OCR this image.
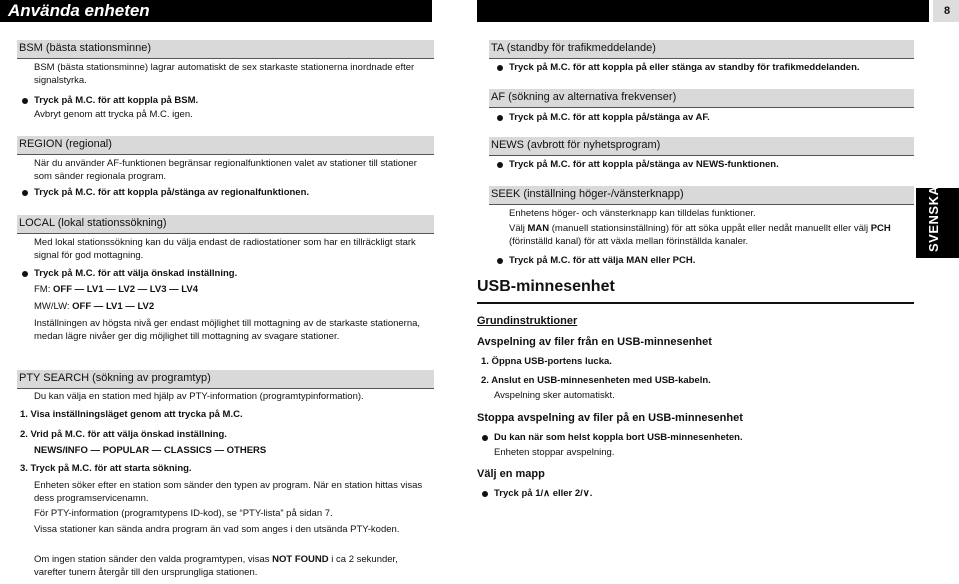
Använda enheten	8
SVENSKA
BSM (bästa stationsminne)
BSM (bästa stationsminne) lagrar automatiskt de sex starkaste stationerna inordnade efter signalstyrka.
Tryck på M.C. för att koppla på BSM.
Avbryt genom att trycka på M.C. igen.
REGION (regional)
När du använder AF-funktionen begränsar regionalfunktionen valet av stationer till stationer som sänder regionala program.
Tryck på M.C. för att koppla på/stänga av regionalfunktionen.
LOCAL (lokal stationssökning)
Med lokal stationssökning kan du välja endast de radiostationer som har en tillräckligt stark signal för god mottagning.
Tryck på M.C. för att välja önskad inställning.
FM: OFF — LV1 — LV2 — LV3 — LV4
MW/LW: OFF — LV1 — LV2
Inställningen av högsta nivå ger endast möjlighet till mottagning av de starkaste stationerna, medan lägre nivåer ger dig möjlighet till mottagning av svagare stationer.
PTY SEARCH (sökning av programtyp)
Du kan välja en station med hjälp av PTY-information (programtypinformation).
1. Visa inställningsläget genom att trycka på M.C.
2. Vrid på M.C. för att välja önskad inställning.
NEWS/INFO — POPULAR — CLASSICS — OTHERS
3. Tryck på M.C. för att starta sökning.
Enheten söker efter en station som sänder den typen av program. När en station hittas visas dess programservicenamn.
För PTY-information (programtypens ID-kod), se “PTY-lista” på sidan 7.
Vissa stationer kan sända andra program än vad som anges i den utsända PTY-koden.
Om ingen station sänder den valda programtypen, visas NOT FOUND i ca 2 sekunder, varefter tunern återgår till den ursprungliga stationen.
TA (standby för trafikmeddelande)
Tryck på M.C. för att koppla på eller stänga av standby för trafikmeddelanden.
AF (sökning av alternativa frekvenser)
Tryck på M.C. för att koppla på/stänga av AF.
NEWS (avbrott för nyhetsprogram)
Tryck på M.C. för att koppla på/stänga av NEWS-funktionen.
SEEK (inställning höger-/vänsterknapp)
Enhetens höger- och vänsterknapp kan tilldelas funktioner.
Välj MAN (manuell stationsinställning) för att söka uppåt eller nedåt manuellt eller välj PCH (förinställd kanal) för att växla mellan förinställda kanaler.
Tryck på M.C. för att välja MAN eller PCH.
USB-minnesenhet
Grundinstruktioner
Avspelning av filer från en USB-minnesenhet
1. Öppna USB-portens lucka.
2. Anslut en USB-minnesenheten med USB-kabeln.
Avspelning sker automatiskt.
Stoppa avspelning av filer på en USB-minnesenhet
Du kan när som helst koppla bort USB-minnesenheten.
Enheten stoppar avspelning.
Välj en mapp
Tryck på 1/∧ eller 2/∨.
